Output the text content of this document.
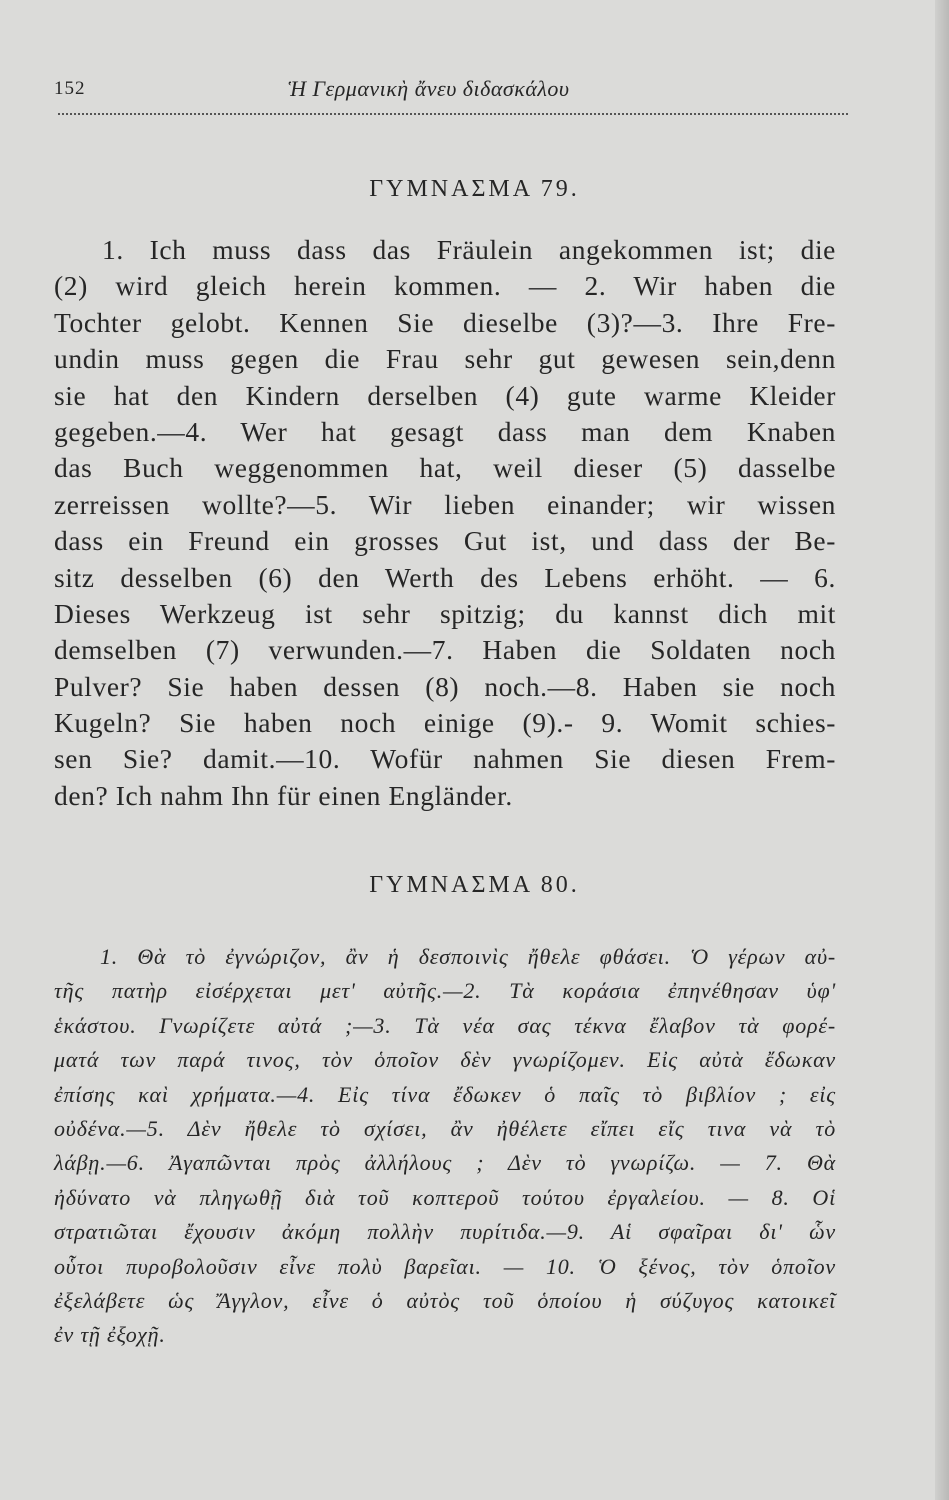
152	Ἡ Γερμανικὴ ἄνευ διδασκάλου
ΓΥΜΝΑΣΜΑ 79.
1. Ich muss dass das Fräulein angekommen ist; die
(2) wird gleich herein kommen. — 2. Wir haben die
Tochter gelobt. Kennen Sie dieselbe (3)?—3. Ihre Fre-
undin muss gegen die Frau sehr gut gewesen sein,denn
sie hat den Kindern derselben (4) gute warme Kleider
gegeben.—4. Wer hat gesagt dass man dem Knaben
das Buch weggenommen hat, weil dieser (5) dasselbe
zerreissen wollte?—5. Wir lieben einander; wir wissen
dass ein Freund ein grosses Gut ist, und dass der Be-
sitz desselben (6) den Werth des Lebens erhöht. — 6.
Dieses Werkzeug ist sehr spitzig; du kannst dich mit
demselben (7) verwunden.—7. Haben die Soldaten noch
Pulver? Sie haben dessen (8) noch.—8. Haben sie noch
Kugeln? Sie haben noch einige (9).- 9. Womit schies-
sen Sie? damit.—10. Wofür nahmen Sie diesen Frem-
den? Ich nahm Ihn für einen Engländer.
ΓΥΜΝΑΣΜΑ 80.
1. Θὰ τὸ ἐγνώριζον, ἂν ἡ δεσποινὶς ἤθελε φθάσει. Ὁ γέρων αὐ-
τῆς πατὴρ εἰσέρχεται μετ' αὐτῆς.—2. Τὰ κοράσια ἐπηνέθησαν ὑφ'
ἑκάστου. Γνωρίζετε αὐτά ;—3. Τὰ νέα σας τέκνα ἔλαβον τὰ φορέ-
ματά των παρά τινος, τὸν ὁποῖον δὲν γνωρίζομεν. Εἰς αὐτὰ ἔδωκαν
ἐπίσης καὶ χρήματα.—4. Εἰς τίνα ἔδωκεν ὁ παῖς τὸ βιβλίον ; εἰς
οὐδένα.—5. Δὲν ἤθελε τὸ σχίσει, ἂν ἠθέλετε εἴπει εἴς τινα νὰ τὸ
λάβῃ.—6. Ἀγαπῶνται πρὸς ἀλλήλους ; Δὲν τὸ γνωρίζω. — 7. Θὰ
ἠδύνατο νὰ πληγωθῇ διὰ τοῦ κοπτεροῦ τούτου ἐργαλείου. — 8. Οἱ
στρατιῶται ἔχουσιν ἀκόμη πολλὴν πυρίτιδα.—9. Αἱ σφαῖραι δι' ὧν
οὗτοι πυροβολοῦσιν εἶνε πολὺ βαρεῖαι. — 10. Ὁ ξένος, τὸν ὁποῖον
ἐξελάβετε ὡς Ἄγγλον, εἶνε ὁ αὐτὸς τοῦ ὁποίου ἡ σύζυγος κατοικεῖ
ἐν τῇ ἐξοχῇ.
